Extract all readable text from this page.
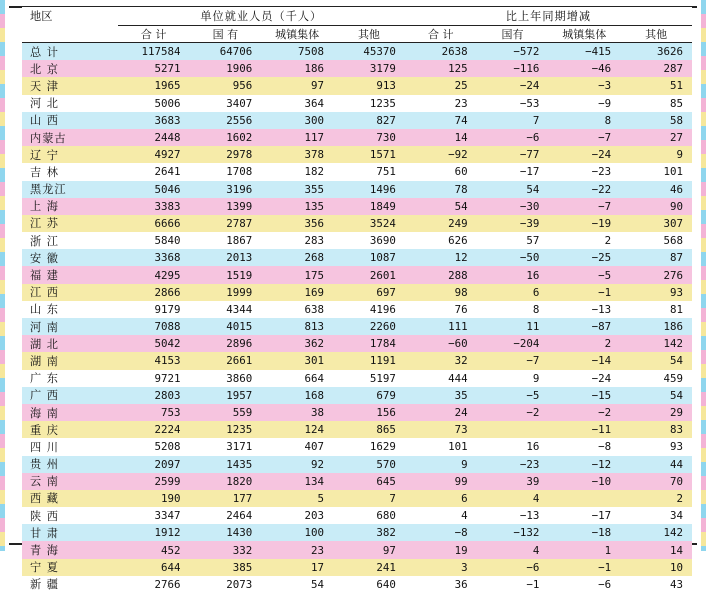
地区	单位就业人员（千人）				比上年同期增减			
	合 计	国 有	城镇集体	其他	合 计	国有	城镇集体	其他
总 计	117584	64706	7508	45370	2638	−572	−415	3626
北 京	5271	1906	186	3179	125	−116	−46	287
天 津	1965	956	97	913	25	−24	−3	51
河 北	5006	3407	364	1235	23	−53	−9	85
山 西	3683	2556	300	827	74	7	8	58
内蒙古	2448	1602	117	730	14	−6	−7	27
辽 宁	4927	2978	378	1571	−92	−77	−24	9
吉 林	2641	1708	182	751	60	−17	−23	101
黑龙江	5046	3196	355	1496	78	54	−22	46
上 海	3383	1399	135	1849	54	−30	−7	90
江 苏	6666	2787	356	3524	249	−39	−19	307
浙 江	5840	1867	283	3690	626	57	2	568
安 徽	3368	2013	268	1087	12	−50	−25	87
福 建	4295	1519	175	2601	288	16	−5	276
江 西	2866	1999	169	697	98	6	−1	93
山 东	9179	4344	638	4196	76	8	−13	81
河 南	7088	4015	813	2260	111	11	−87	186
湖 北	5042	2896	362	1784	−60	−204	2	142
湖 南	4153	2661	301	1191	32	−7	−14	54
广 东	9721	3860	664	5197	444	9	−24	459
广 西	2803	1957	168	679	35	−5	−15	54
海 南	753	559	38	156	24	−2	−2	29
重 庆	2224	1235	124	865	73		−11	83
四 川	5208	3171	407	1629	101	16	−8	93
贵 州	2097	1435	92	570	9	−23	−12	44
云 南	2599	1820	134	645	99	39	−10	70
西 藏	190	177	5	7	6	4		2
陕 西	3347	2464	203	680	4	−13	−17	34
甘 肃	1912	1430	100	382	−8	−132	−18	142
青 海	452	332	23	97	19	4	1	14
宁 夏	644	385	17	241	3	−6	−1	10
新 疆	2766	2073	54	640	36	−1	−6	43
